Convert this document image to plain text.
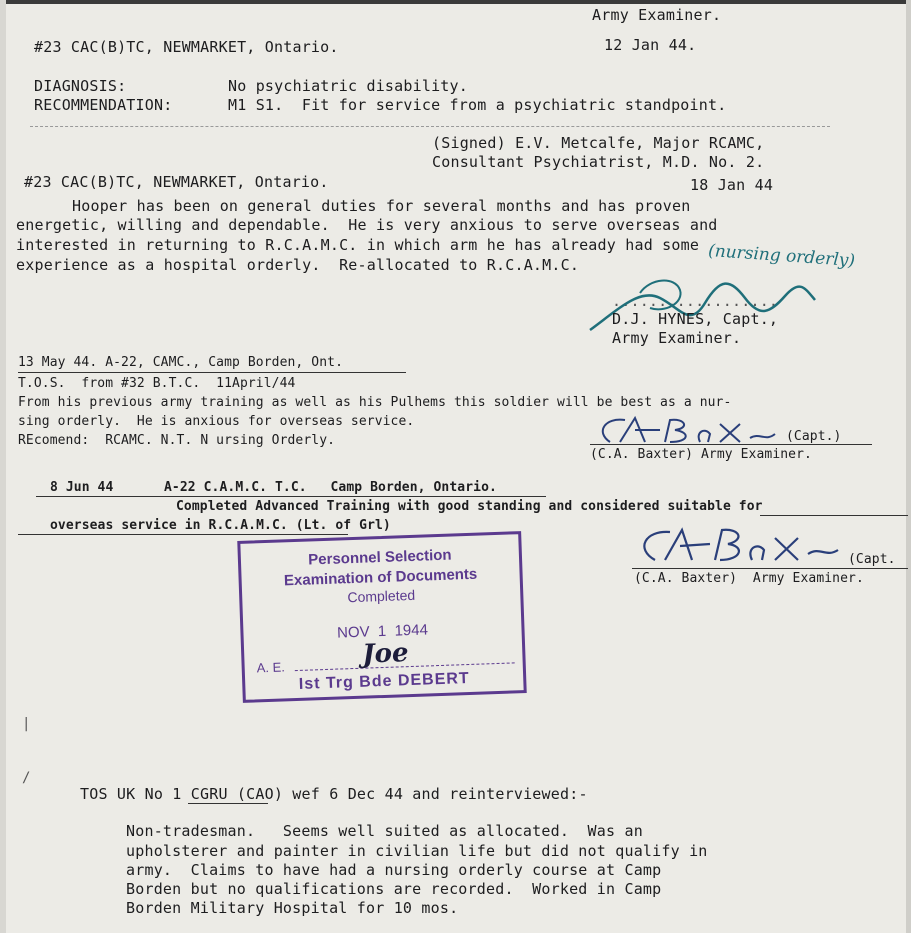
Army Examiner.
#23 CAC(B)TC, NEWMARKET, Ontario.	12 Jan 44.
DIAGNOSIS:	No psychiatric disability.
RECOMMENDATION:	M1 S1.  Fit for service from a psychiatric standpoint.
(Signed) E.V. Metcalfe, Major RCAMC,
Consultant Psychiatrist, M.D. No. 2.
#23 CAC(B)TC, NEWMARKET, Ontario.	18 Jan 44
Hooper has been on general duties for several months and has proven
energetic, willing and dependable.  He is very anxious to serve overseas and
interested in returning to R.C.A.M.C. in which arm he has already had some
experience as a hospital orderly.  Re-allocated to R.C.A.M.C.	(nursing orderly)
..................
D.J. HYNES, Capt.,
Army Examiner.
13 May 44. A-22, CAMC., Camp Borden, Ont.
T.O.S.  from #32 B.T.C.  11April/44
From his previous army training as well as his Pulhems this soldier will be best as a nur-
sing orderly.  He is anxious for overseas service.
REcomend:  RCAMC. N.T. N ursing Orderly.	(Capt.)
(C.A. Baxter) Army Examiner.
8 Jun 44	A-22 C.A.M.C. T.C.   Camp Borden, Ontario.
Completed Advanced Training with good standing and considered suitable for
overseas service in R.C.A.M.C. (Lt. of Grl)
(Capt.
(C.A. Baxter)  Army Examiner.
Personnel Selection
Examination of Documents
Completed
NOV  1  1944
A. E.	Joe
Ist Trg Bde DEBERT
|
/
TOS UK No 1 CGRU (CAO) wef 6 Dec 44 and reinterviewed:-
Non-tradesman.   Seems well suited as allocated.  Was an
upholsterer and painter in civilian life but did not qualify in
army.  Claims to have had a nursing orderly course at Camp
Borden but no qualifications are recorded.  Worked in Camp
Borden Military Hospital for 10 mos.
